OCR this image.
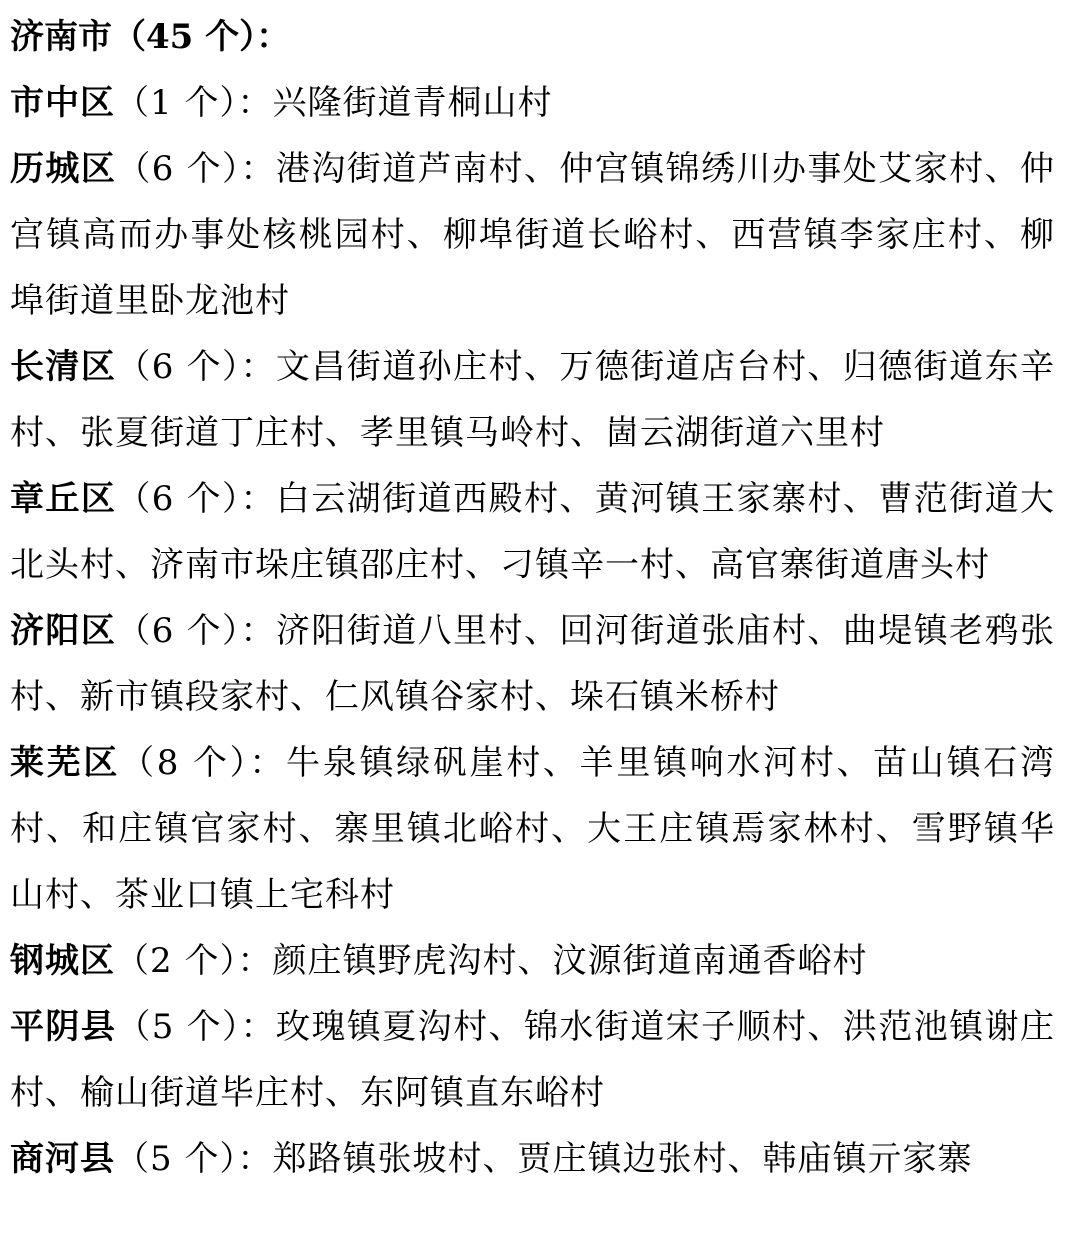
济南市（45 个）：

市中区（1 个）：兴隆街道青桐山村

历城区（6 个）：港沟街道芦南村、仲宫镇锦绣川办事处艾家村、仲宫镇高而办事处核桃园村、柳埠街道长峪村、西营镇李家庄村、柳埠街道里卧龙池村

长清区（6 个）：文昌街道孙庄村、万德街道店台村、归德街道东辛村、张夏街道丁庄村、孝里镇马岭村、崮云湖街道六里村

章丘区（6 个）：白云湖街道西殿村、黄河镇王家寨村、曹范街道大北头村、济南市垛庄镇邵庄村、刁镇辛一村、高官寨街道唐头村

济阳区（6 个）：济阳街道八里村、回河街道张庙村、曲堤镇老鸦张村、新市镇段家村、仁风镇谷家村、垛石镇米桥村

莱芜区（8 个）：牛泉镇绿矾崖村、羊里镇响水河村、苗山镇石湾村、和庄镇官家村、寨里镇北峪村、大王庄镇焉家林村、雪野镇华山村、茶业口镇上宅科村

钢城区（2 个）：颜庄镇野虎沟村、汶源街道南通香峪村

平阴县（5 个）：玫瑰镇夏沟村、锦水街道宋子顺村、洪范池镇谢庄村、榆山街道毕庄村、东阿镇直东峪村

商河县（5 个）：郑路镇张坡村、贾庄镇边张村、韩庙镇亓家寨
